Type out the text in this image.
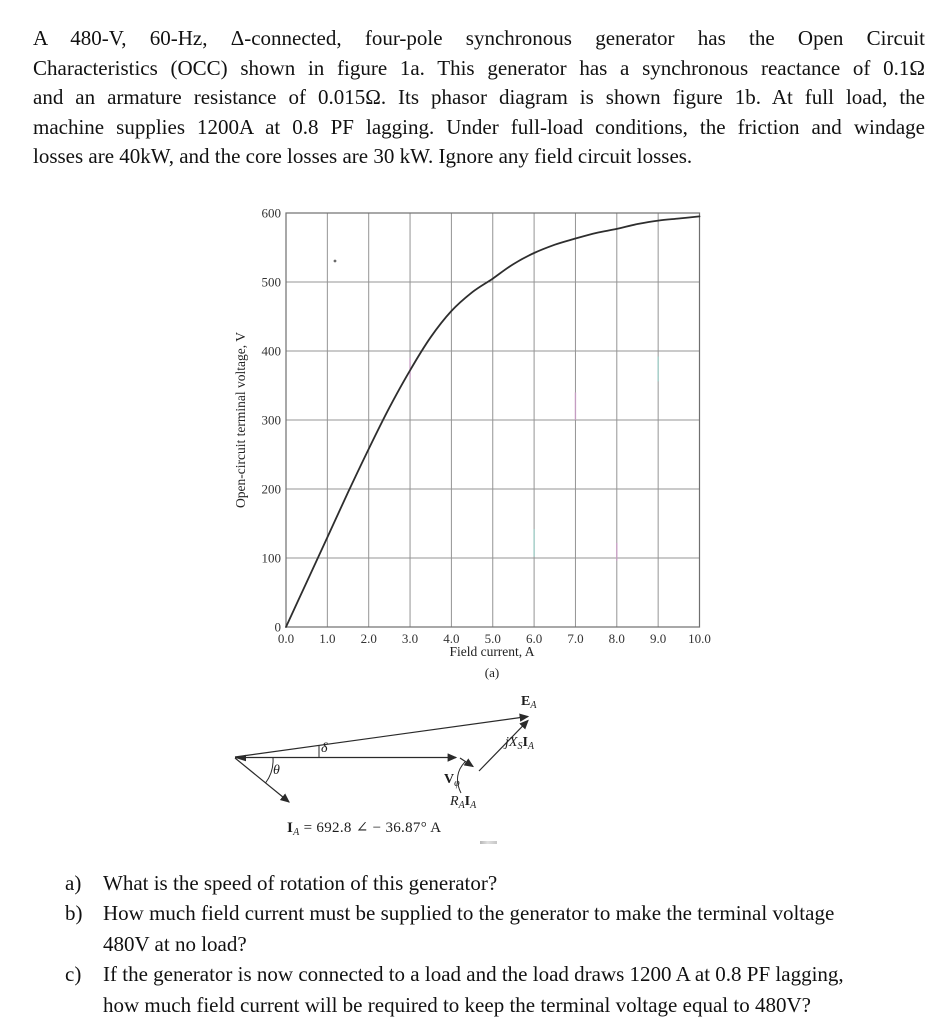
A 480-V, 60-Hz, Δ-connected, four-pole synchronous generator has the Open Circuit
Characteristics (OCC) shown in figure 1a. This generator has a synchronous reactance of 0.1Ω
and an armature resistance of 0.015Ω. Its phasor diagram is shown figure 1b. At full load, the
machine supplies 1200A at 0.8 PF lagging. Under full-load conditions, the friction and windage
losses are 40kW, and the core losses are 30 kW. Ignore any field circuit losses.
0.0 1.0 2.0 3.0 4.0 5.0 6.0 7.0 8.0 9.0 10.0
0
100
200
300
400
500
600
Open-circuit terminal voltage, V
Field current, A
(a)
$E_A$
$jX_SI_A$
$V_\varphi$
$R_AI_A$
θ
δ
$I_A = 692.8$ ∠ − 36.87° A
a)	What is the speed of rotation of this generator?
b) How much field current must be supplied to the generator to make the terminal voltage
480V at no load?
c)	If the generator is now connected to a load and the load draws 1200 A at 0.8 PF lagging,
how much field current will be required to keep the terminal voltage equal to 480V?
